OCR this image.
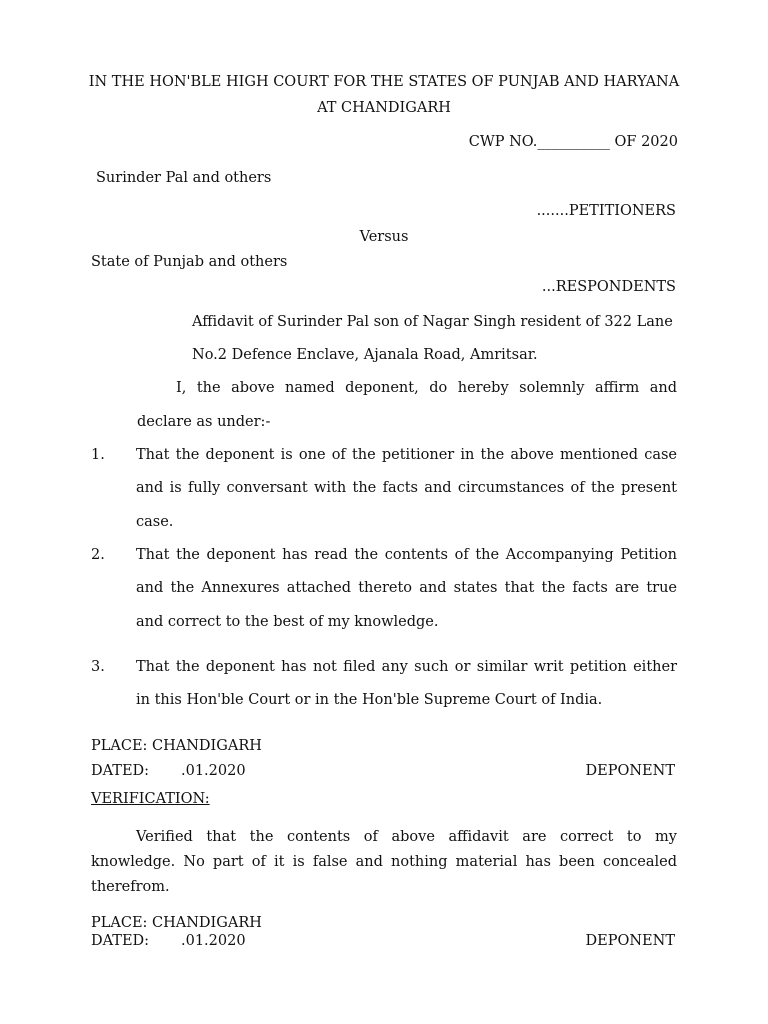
IN THE HON'BLE HIGH COURT FOR THE STATES OF PUNJAB AND HARYANA
AT CHANDIGARH
CWP NO.__________ OF 2020
Surinder Pal and others
.......PETITIONERS
Versus
State of Punjab and others
...RESPONDENTS
Affidavit of Surinder Pal son of Nagar Singh resident of 322 Lane
No.2 Defence Enclave, Ajanala Road, Amritsar.
I, the above named deponent, do hereby solemnly affirm and
declare as under:-
1. That the deponent is one of the petitioner in the above mentioned case
and is fully conversant with the facts and circumstances of the present
case.
2. That the deponent has read the contents of the Accompanying Petition
and the Annexures attached thereto and states that the facts are true
and correct to the best of my knowledge.
3. That the deponent has not filed any such or similar writ petition either
in this Hon'ble Court or in the Hon'ble Supreme Court of India.
PLACE: CHANDIGARH
DATED: .01.2020	DEPONENT
VERIFICATION:
Verified that the contents of above affidavit are correct to my
knowledge. No part of it is false and nothing material has been concealed
therefrom.
PLACE: CHANDIGARH
DATED: .01.2020	DEPONENT
